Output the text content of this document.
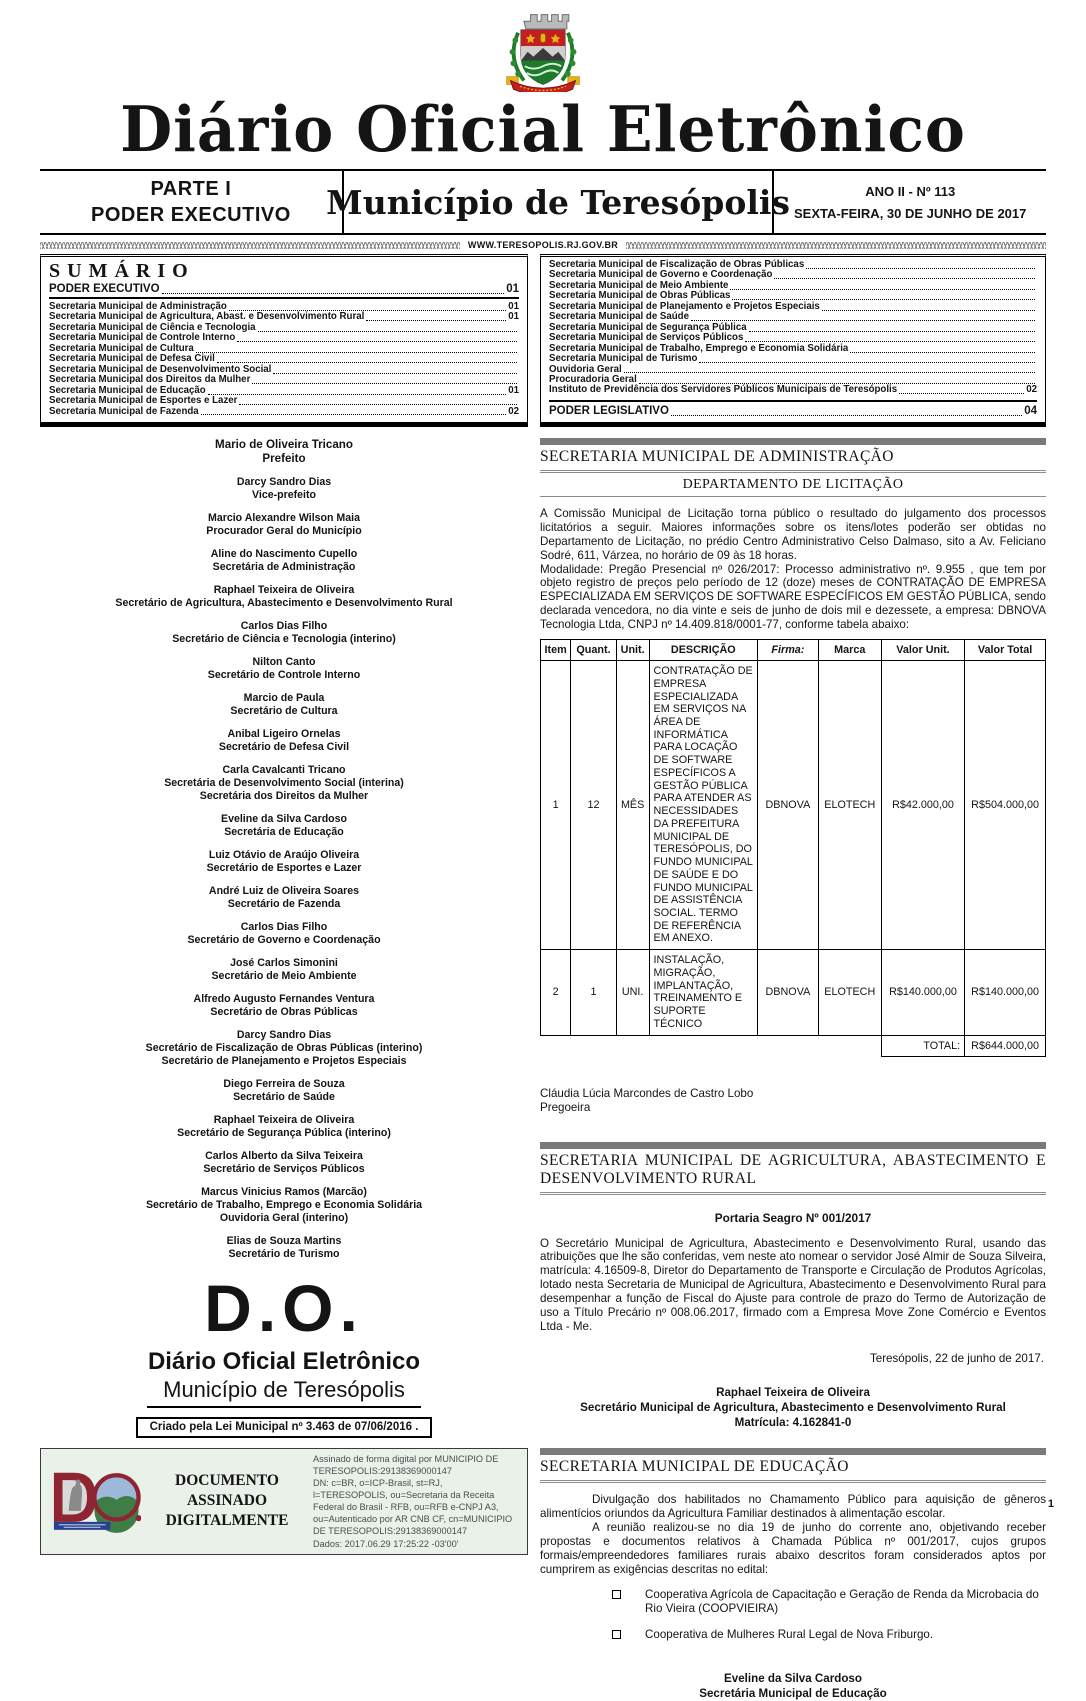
Diário Oficial Eletrônico
PARTE I
PODER EXECUTIVO	Município de Teresópolis	ANO II - Nº 113
SEXTA-FEIRA, 30 DE JUNHO DE 2017
WWW.TERESOPOLIS.RJ.GOV.BR
SUMÁRIO
PODER EXECUTIVO	01
Secretaria Municipal de Administração	01
Secretaria Municipal de Agricultura, Abast. e Desenvolvimento Rural	01
Secretaria Municipal de Ciência e Tecnologia
Secretaria Municipal de Controle Interno
Secretaria Municipal de Cultura
Secretaria Municipal de Defesa Civil
Secretaria Municipal de Desenvolvimento Social
Secretaria Municipal dos Direitos da Mulher
Secretaria Municipal de Educação	01
Secretaria Municipal de Esportes e Lazer
Secretaria Municipal de Fazenda	02
Secretaria Municipal de Fiscalização de Obras Públicas
Secretaria Municipal de Governo e Coordenação
Secretaria Municipal de Meio Ambiente
Secretaria Municipal de Obras Públicas
Secretaria Municipal de Planejamento e Projetos Especiais
Secretaria Municipal de Saúde
Secretaria Municipal de Segurança Pública
Secretaria Municipal de Serviços Públicos
Secretaria Municipal de Trabalho, Emprego e Economia Solidária
Secretaria Municipal de Turismo
Ouvidoria Geral
Procuradoria Geral
Instituto de Previdência dos Servidores Públicos Municipais de Teresópolis	02
PODER LEGISLATIVO	04
Mario de Oliveira Tricano
Prefeito
Darcy Sandro Dias
Vice-prefeito
Marcio Alexandre Wilson Maia
Procurador Geral do Município
Aline do Nascimento Cupello
Secretária de Administração
Raphael Teixeira de Oliveira
Secretário de Agricultura, Abastecimento e Desenvolvimento Rural
Carlos Dias Filho
Secretário de Ciência e Tecnologia (interino)
Nilton Canto
Secretário de Controle Interno
Marcio de Paula
Secretário de Cultura
Anibal Ligeiro Ornelas
Secretário de Defesa Civil
Carla Cavalcanti Tricano
Secretária de Desenvolvimento Social (interina)
Secretária dos Direitos da Mulher
Eveline da Silva Cardoso
Secretária de Educação
Luiz Otávio de Araújo Oliveira
Secretário de Esportes e Lazer
André Luiz de Oliveira Soares
Secretário de Fazenda
Carlos Dias Filho
Secretário de Governo e Coordenação
José Carlos Simonini
Secretário de Meio Ambiente
Alfredo Augusto Fernandes Ventura
Secretário de Obras Públicas
Darcy Sandro Dias
Secretário de Fiscalização de Obras Públicas (interino)
Secretário de Planejamento e Projetos Especiais
Diego Ferreira de Souza
Secretário de Saúde
Raphael Teixeira de Oliveira
Secretário de Segurança Pública (interino)
Carlos Alberto da Silva Teixeira
Secretário de Serviços Públicos
Marcus Vinicius Ramos (Marcão)
Secretário de Trabalho, Emprego e Economia Solidária
Ouvidoria Geral (interino)
Elias de Souza Martins
Secretário de Turismo
D.O.
Diário Oficial Eletrônico
Município de Teresópolis
Criado pela Lei Municipal nº 3.463 de 07/06/2016 .
DOCUMENTO ASSINADO DIGITALMENTE
Assinado de forma digital por MUNICIPIO DE TERESOPOLIS:29138369000147
DN: c=BR, o=ICP-Brasil, st=RJ, l=TERESOPOLIS, ou=Secretaria da Receita Federal do Brasil - RFB, ou=RFB e-CNPJ A3, ou=Autenticado por AR CNB CF, cn=MUNICIPIO DE TERESOPOLIS:29138369000147
Dados: 2017.06.29 17:25:22 -03'00'
SECRETARIA MUNICIPAL DE ADMINISTRAÇÃO
DEPARTAMENTO DE LICITAÇÃO

A Comissão Municipal de Licitação torna público o resultado do julgamento dos processos licitatórios a seguir. Maiores informações sobre os itens/lotes poderão ser obtidas no Departamento de Licitação, no prédio Centro Administrativo Celso Dalmaso, sito a Av. Feliciano Sodré, 611, Várzea, no horário de 09 às 18 horas.

Modalidade: Pregão Presencial nº 026/2017: Processo administrativo nº. 9.955 , que tem por objeto registro de preços pelo período de 12 (doze) meses de CONTRATAÇÃO DE EMPRESA ESPECIALIZADA EM SERVIÇOS DE SOFTWARE ESPECÍFICOS EM GESTÃO PÚBLICA, sendo declarada vencedora, no dia vinte e seis de junho de dois mil e dezessete, a empresa: DBNOVA Tecnologia Ltda, CNPJ nº 14.409.818/0001-77, conforme tabela abaixo:

Item	Quant.	Unit.	DESCRIÇÃO	Firma:	Marca	Valor Unit.	Valor Total
1	12	MÊS	CONTRATAÇÃO DE EMPRESA ESPECIALIZADA EM SERVIÇOS NA ÁREA DE INFORMÁTICA PARA LOCAÇÃO DE SOFTWARE ESPECÍFICOS A GESTÃO PÚBLICA PARA ATENDER AS NECESSIDADES DA PREFEITURA MUNICIPAL DE TERESÓPOLIS, DO FUNDO MUNICIPAL DE SAÚDE E DO FUNDO MUNICIPAL DE ASSISTÊNCIA SOCIAL. TERMO DE REFERÊNCIA EM ANEXO.	DBNOVA	ELOTECH	R$42.000,00	R$504.000,00
2	1	UNI.	INSTALAÇÃO, MIGRAÇÃO, IMPLANTAÇÃO, TREINAMENTO E SUPORTE TÉCNICO	DBNOVA	ELOTECH	R$140.000,00	R$140.000,00
						TOTAL:	R$644.000,00
Cláudia Lúcia Marcondes de Castro Lobo
Pregoeira
SECRETARIA MUNICIPAL DE AGRICULTURA, ABASTECIMENTO E DESENVOLVIMENTO RURAL
Portaria Seagro Nº 001/2017

O Secretário Municipal de Agricultura, Abastecimento e Desenvolvimento Rural, usando das atribuições que lhe são conferidas, vem neste ato nomear o servidor José Almir de Souza Silveira, matrícula: 4.16509-8, Diretor do Departamento de Transporte e Circulação de Produtos Agrícolas, lotado nesta Secretaria de Municipal de Agricultura, Abastecimento e Desenvolvimento Rural para desempenhar a função de Fiscal do Ajuste para controle de prazo do Termo de Autorização de uso a Título Precário nº 008.06.2017, firmado com a Empresa Move Zone Comércio e Eventos Ltda - Me.

Teresópolis, 22 de junho de 2017.
Raphael Teixeira de Oliveira
Secretário Municipal de Agricultura, Abastecimento e Desenvolvimento Rural
Matrícula: 4.162841-0
SECRETARIA MUNICIPAL DE EDUCAÇÃO

Divulgação dos habilitados no Chamamento Público para aquisição de gêneros alimentícios oriundos da Agricultura Familiar destinados à alimentação escolar.

A reunião realizou-se no dia 19 de junho do corrente ano, objetivando receber propostas e documentos relativos à Chamada Pública nº 001/2017, cujos grupos formais/empreendedores familiares rurais abaixo descritos foram considerados aptos por cumprirem as exigências descritas no edital:

Cooperativa Agrícola de Capacitação e Geração de Renda da Microbacia do Rio Vieira (COOPVIEIRA)
Cooperativa de Mulheres Rural Legal de Nova Friburgo.
Eveline da Silva Cardoso
Secretária Municipal de Educação
1
